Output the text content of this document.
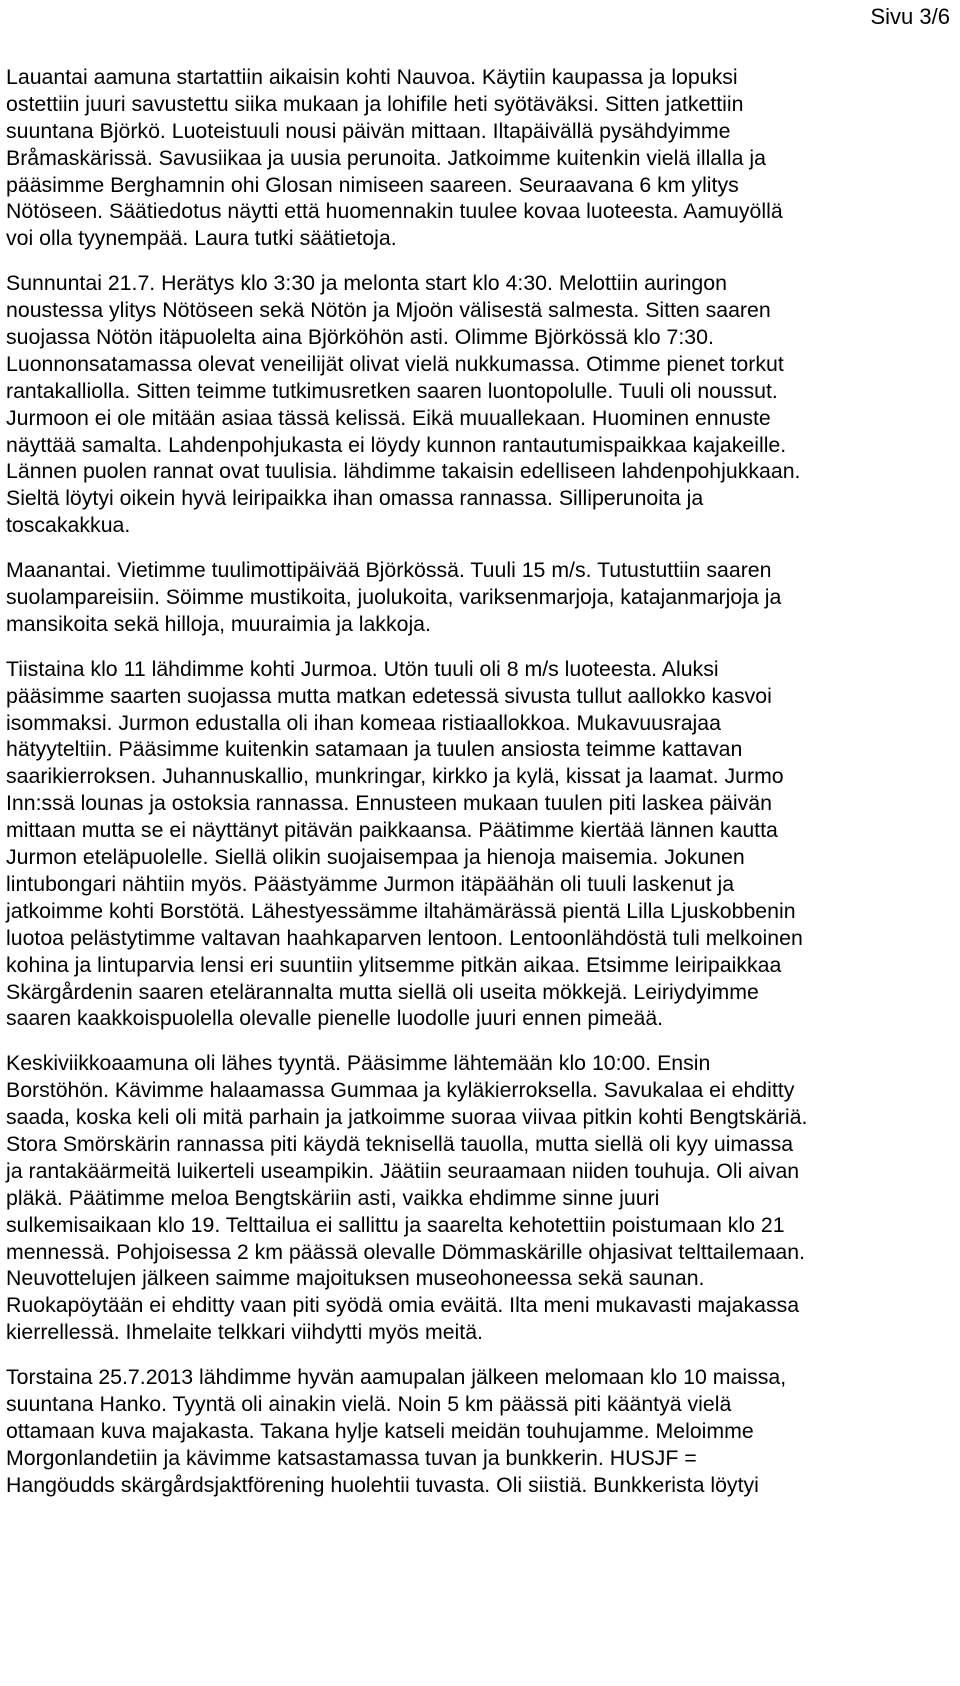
Sivu 3/6
Lauantai aamuna startattiin aikaisin kohti Nauvoa. Käytiin kaupassa ja lopuksi
ostettiin juuri savustettu siika mukaan ja lohifile heti syötäväksi. Sitten jatkettiin
suuntana Björkö. Luoteistuuli nousi päivän mittaan. Iltapäivällä pysähdyimme
Bråmaskärissä. Savusiikaa ja uusia perunoita. Jatkoimme kuitenkin vielä illalla ja
pääsimme Berghamnin ohi Glosan nimiseen saareen. Seuraavana 6 km ylitys
Nötöseen. Säätiedotus näytti että huomennakin tuulee kovaa luoteesta. Aamuyöllä
voi olla tyynempää. Laura tutki säätietoja.
Sunnuntai 21.7. Herätys klo 3:30 ja melonta start klo 4:30. Melottiin auringon
noustessa ylitys Nötöseen sekä Nötön ja Mjoön välisestä salmesta. Sitten saaren
suojassa Nötön itäpuolelta aina Björköhön asti. Olimme Björkössä klo 7:30.
Luonnonsatamassa olevat veneilijät olivat vielä nukkumassa. Otimme pienet torkut
rantakalliolla. Sitten teimme tutkimusretken saaren luontopolulle. Tuuli oli noussut.
Jurmoon ei ole mitään asiaa tässä kelissä. Eikä muuallekaan. Huominen ennuste
näyttää samalta. Lahdenpohjukasta ei löydy kunnon rantautumispaikkaa kajakeille.
Lännen puolen rannat ovat tuulisia. lähdimme takaisin edelliseen lahdenpohjukkaan.
Sieltä löytyi oikein hyvä leiripaikka ihan omassa rannassa. Silliperunoita ja
toscakakkua.
Maanantai. Vietimme tuulimottipäivää Björkössä. Tuuli 15 m/s. Tutustuttiin saaren
suolampareisiin. Söimme mustikoita, juolukoita, variksenmarjoja, katajanmarjoja ja
mansikoita sekä hilloja, muuraimia ja lakkoja.
Tiistaina klo 11 lähdimme kohti Jurmoa. Utön tuuli oli 8 m/s luoteesta. Aluksi
pääsimme saarten suojassa mutta matkan edetessä sivusta tullut aallokko kasvoi
isommaksi. Jurmon edustalla oli ihan komeaa ristiaallokkoa. Mukavuusrajaa
hätyyteltiin. Pääsimme kuitenkin satamaan ja tuulen ansiosta teimme kattavan
saarikierroksen. Juhannuskallio, munkringar, kirkko ja kylä, kissat ja laamat. Jurmo
Inn:ssä lounas ja ostoksia rannassa. Ennusteen mukaan tuulen piti laskea päivän
mittaan mutta se ei näyttänyt pitävän paikkaansa. Päätimme kiertää lännen kautta
Jurmon eteläpuolelle. Siellä olikin suojaisempaa ja hienoja maisemia. Jokunen
lintubongari nähtiin myös. Päästyämme Jurmon itäpäähän oli tuuli laskenut ja
jatkoimme kohti Borstötä. Lähestyessämme iltahämärässä pientä Lilla Ljuskobbenin
luotoa pelästytimme valtavan haahkaparven lentoon. Lentoonlähdöstä tuli melkoinen
kohina ja lintuparvia lensi eri suuntiin ylitsemme pitkän aikaa. Etsimme leiripaikkaa
Skärgårdenin saaren etelärannalta mutta siellä oli useita mökkejä. Leiriydyimme
saaren kaakkoispuolella olevalle pienelle luodolle juuri ennen pimeää.
Keskiviikkoaamuna oli lähes tyyntä. Pääsimme lähtemään klo 10:00. Ensin
Borstöhön. Kävimme halaamassa Gummaa ja kyläkierroksella. Savukalaa ei ehditty
saada, koska keli oli mitä parhain ja jatkoimme suoraa viivaa pitkin kohti Bengtskäriä.
Stora Smörskärin rannassa piti käydä teknisellä tauolla, mutta siellä oli kyy uimassa
ja rantakäärmeitä luikerteli useampikin. Jäätiin seuraamaan niiden touhuja. Oli aivan
pläkä. Päätimme meloa Bengtskäriin asti, vaikka ehdimme sinne juuri
sulkemisaikaan klo 19. Telttailua ei sallittu ja saarelta kehotettiin poistumaan klo 21
mennessä. Pohjoisessa 2 km päässä olevalle Dömmaskärille ohjasivat telttailemaan.
Neuvottelujen jälkeen saimme majoituksen museohoneessa sekä saunan.
Ruokapöytään ei ehditty vaan piti syödä omia eväitä. Ilta meni mukavasti majakassa
kierrellessä. Ihmelaite telkkari viihdytti myös meitä.
Torstaina 25.7.2013 lähdimme hyvän aamupalan jälkeen melomaan klo 10 maissa,
suuntana Hanko. Tyyntä oli ainakin vielä. Noin 5 km päässä piti kääntyä vielä
ottamaan kuva majakasta. Takana hylje katseli meidän touhujamme. Meloimme
Morgonlandetiin ja kävimme katsastamassa tuvan ja bunkkerin. HUSJF =
Hangöudds skärgårdsjaktförening huolehtii tuvasta. Oli siistiä. Bunkkerista löytyi
